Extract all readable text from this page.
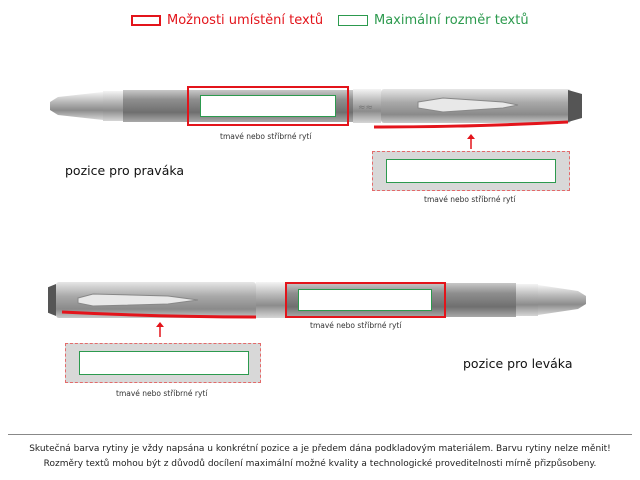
Možnosti umístění textů	Maximální rozměr textů
≈≈
tmavé nebo stříbrné rytí
tmavé nebo stříbrné rytí
pozice pro praváka
tmavé nebo stříbrné rytí
tmavé nebo stříbrné rytí
pozice pro leváka
Skutečná barva rytiny je vždy napsána u konkrétní pozice a je předem dána podkladovým materiálem. Barvu rytiny nelze měnit!
Rozměry textů mohou být z důvodů docílení maximální možné kvality a technologické proveditelnosti mírně přizpůsobeny.
